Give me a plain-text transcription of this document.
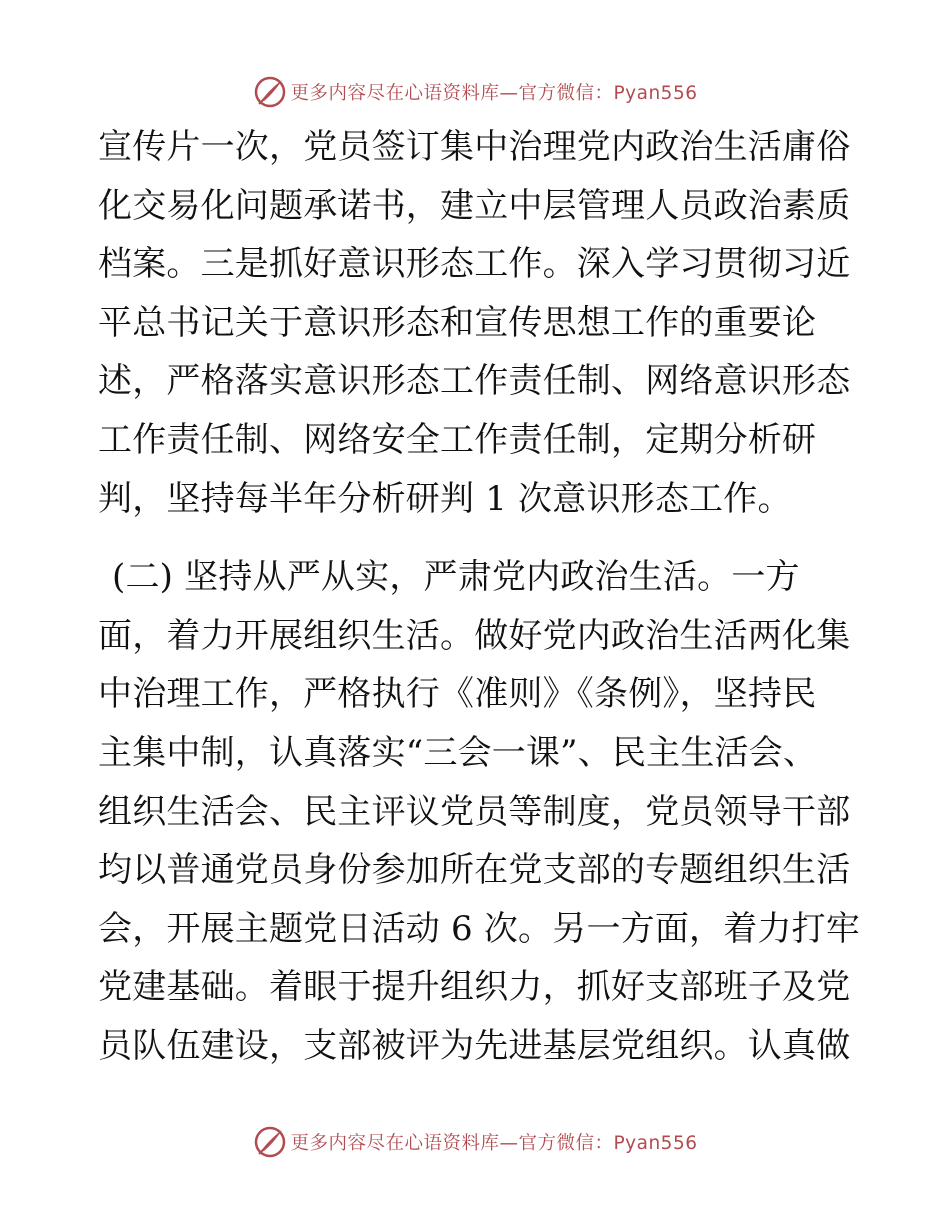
更多内容尽在心语资料库—官方微信：Pyan556
宣传片一次，党员签订集中治理党内政治生活庸俗
化交易化问题承诺书，建立中层管理人员政治素质
档案。三是抓好意识形态工作。深入学习贯彻习近
平总书记关于意识形态和宣传思想工作的重要论
述，严格落实意识形态工作责任制、网络意识形态
工作责任制、网络安全工作责任制，定期分析研
判，坚持每半年分析研判 1 次意识形态工作。
(二) 坚持从严从实，严肃党内政治生活。一方
面，着力开展组织生活。做好党内政治生活两化集
中治理工作，严格执行《准则》《条例》，坚持民
主集中制，认真落实“三会一课”、民主生活会、
组织生活会、民主评议党员等制度，党员领导干部
均以普通党员身份参加所在党支部的专题组织生活
会，开展主题党日活动 6 次。另一方面，着力打牢
党建基础。着眼于提升组织力，抓好支部班子及党
员队伍建设，支部被评为先进基层党组织。认真做
更多内容尽在心语资料库—官方微信：Pyan556
